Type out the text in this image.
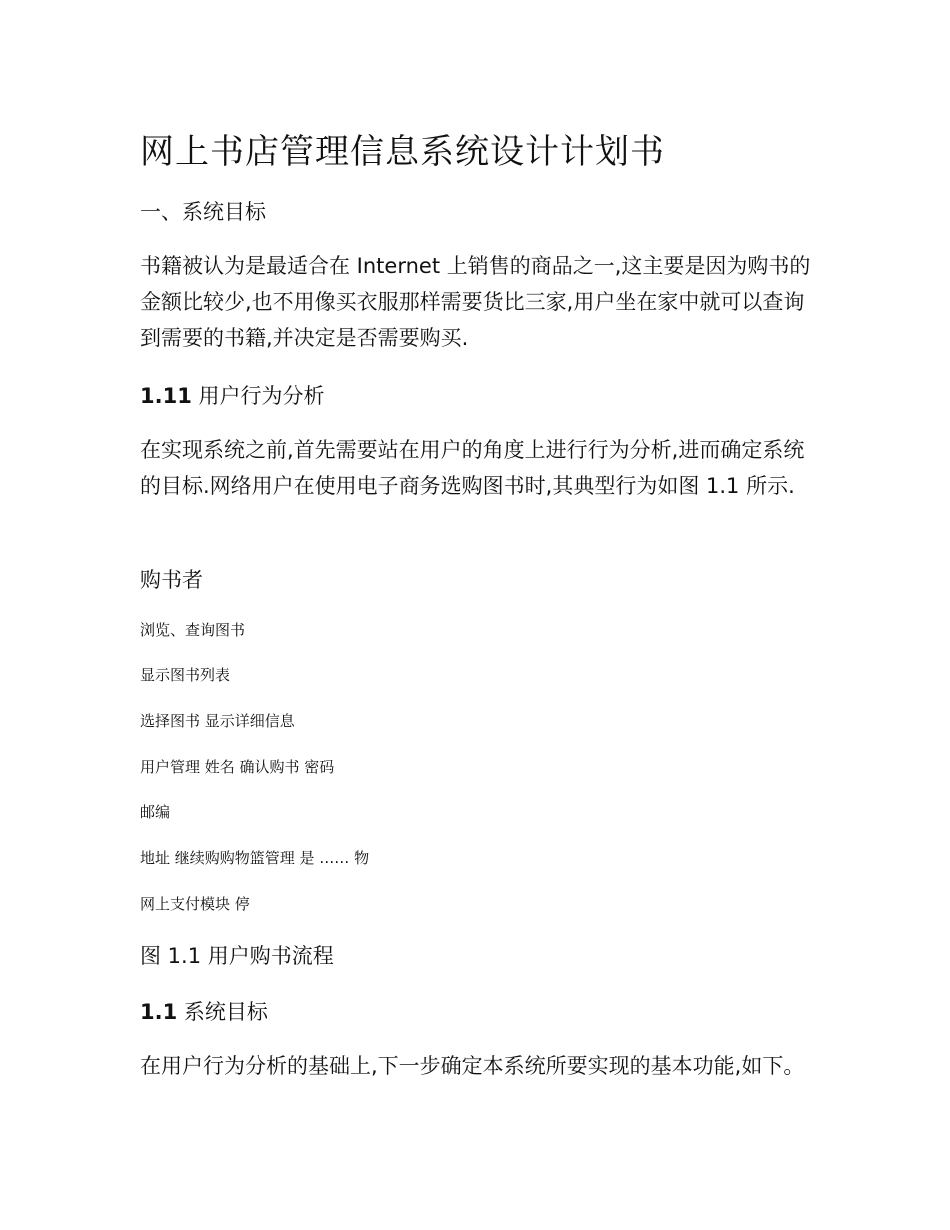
网上书店管理信息系统设计计划书
一、系统目标

书籍被认为是最适合在 Internet 上销售的商品之一,这主要是因为购书的金额比较少,也不用像买衣服那样需要货比三家,用户坐在家中就可以查询到需要的书籍,并决定是否需要购买.

1.11 用户行为分析

在实现系统之前,首先需要站在用户的角度上进行行为分析,进而确定系统的目标.网络用户在使用电子商务选购图书时,其典型行为如图 1.1 所示.

购书者

浏览、查询图书

显示图书列表

选择图书 显示详细信息

用户管理 姓名 确认购书 密码

邮编

地址 继续购购物篮管理 是 …… 物

网上支付模块 停

图 1.1 用户购书流程

1.1 系统目标

在用户行为分析的基础上,下一步确定本系统所要实现的基本功能,如下。
